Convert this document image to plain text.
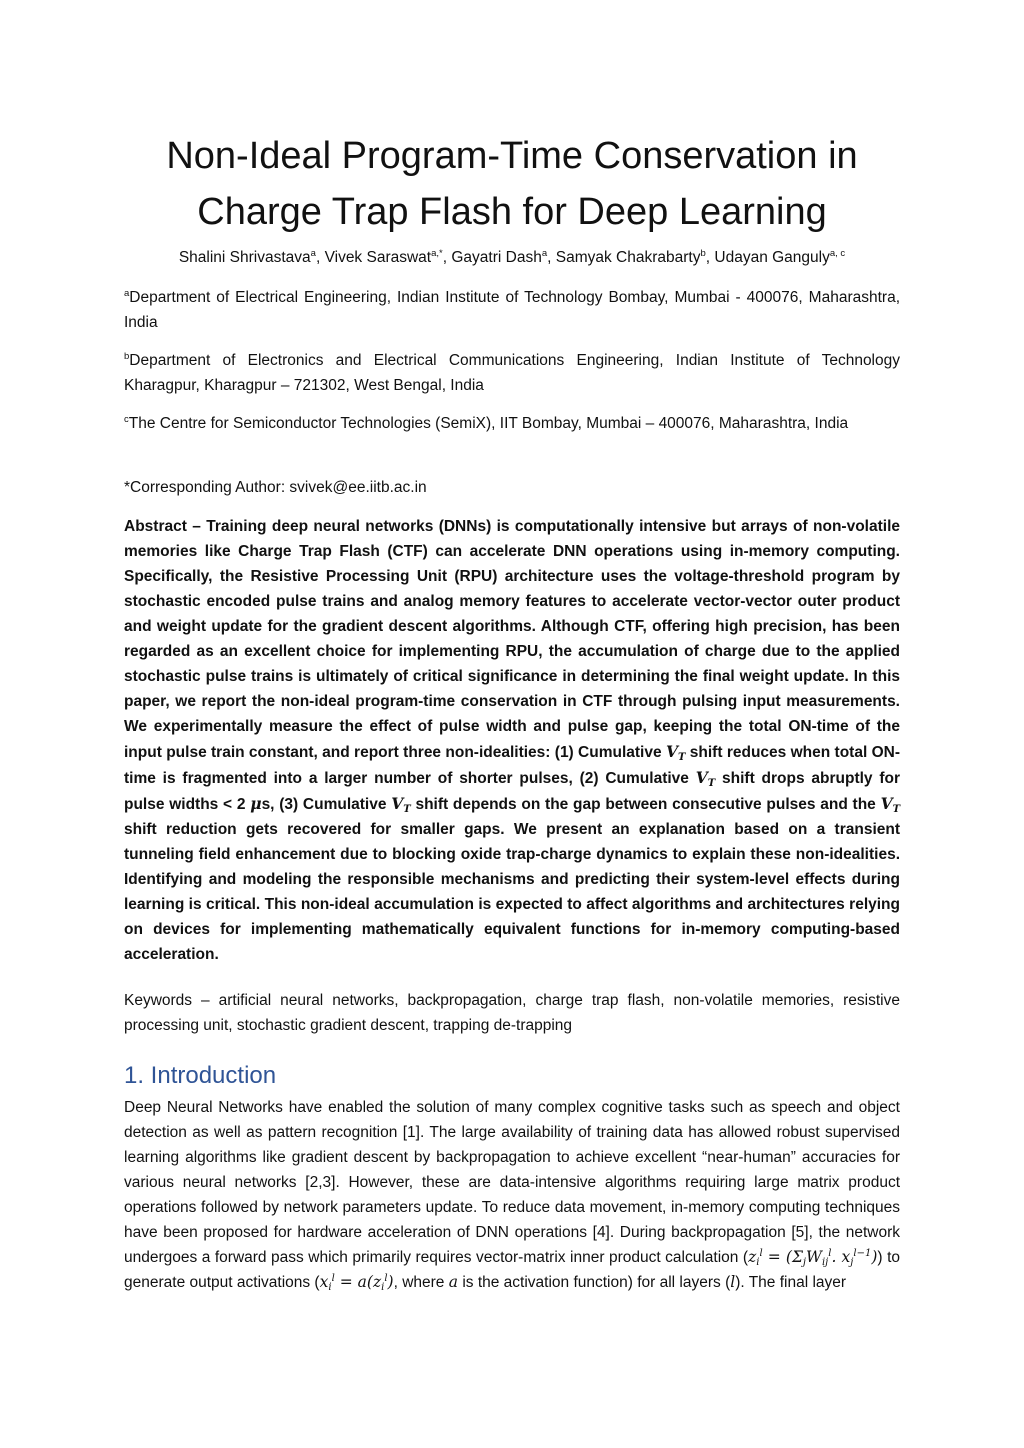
Non-Ideal Program-Time Conservation in
Charge Trap Flash for Deep Learning
Shalini Shrivastava$^a$, Vivek Saraswat$^{a,*}$, Gayatri Dash$^a$, Samyak Chakrabarty$^b$, Udayan Ganguly$^{a, c}$
$^a$Department of Electrical Engineering, Indian Institute of Technology Bombay, Mumbai - 400076, Maharashtra, India
$^b$Department of Electronics and Electrical Communications Engineering, Indian Institute of Technology Kharagpur, Kharagpur – 721302, West Bengal, India
$^c$The Centre for Semiconductor Technologies (SemiX), IIT Bombay, Mumbai – 400076, Maharashtra, India
*Corresponding Author: svivek@ee.iitb.ac.in
Abstract – Training deep neural networks (DNNs) is computationally intensive but arrays of non-volatile memories like Charge Trap Flash (CTF) can accelerate DNN operations using in-memory computing. Specifically, the Resistive Processing Unit (RPU) architecture uses the voltage-threshold program by stochastic encoded pulse trains and analog memory features to accelerate vector-vector outer product and weight update for the gradient descent algorithms. Although CTF, offering high precision, has been regarded as an excellent choice for implementing RPU, the accumulation of charge due to the applied stochastic pulse trains is ultimately of critical significance in determining the final weight update. In this paper, we report the non-ideal program-time conservation in CTF through pulsing input measurements. We experimentally measure the effect of pulse width and pulse gap, keeping the total ON-time of the input pulse train constant, and report three non-idealities: (1) Cumulative $V_T$ shift reduces when total ON-time is fragmented into a larger number of shorter pulses, (2) Cumulative $V_T$ shift drops abruptly for pulse widths < 2 μs, (3) Cumulative $V_T$ shift depends on the gap between consecutive pulses and the $V_T$ shift reduction gets recovered for smaller gaps. We present an explanation based on a transient tunneling field enhancement due to blocking oxide trap-charge dynamics to explain these non-idealities. Identifying and modeling the responsible mechanisms and predicting their system-level effects during learning is critical. This non-ideal accumulation is expected to affect algorithms and architectures relying on devices for implementing mathematically equivalent functions for in-memory computing-based acceleration.
Keywords – artificial neural networks, backpropagation, charge trap flash, non-volatile memories, resistive processing unit, stochastic gradient descent, trapping de-trapping
1. Introduction
Deep Neural Networks have enabled the solution of many complex cognitive tasks such as speech and object detection as well as pattern recognition [1]. The large availability of training data has allowed robust supervised learning algorithms like gradient descent by backpropagation to achieve excellent “near-human” accuracies for various neural networks [2,3]. However, these are data-intensive algorithms requiring large matrix product operations followed by network parameters update. To reduce data movement, in-memory computing techniques have been proposed for hardware acceleration of DNN operations [4]. During backpropagation [5], the network undergoes a forward pass which primarily requires vector-matrix inner product calculation ($z_i^l = (\Sigma_jW_{ij}^l$. $x_j^{l-1}$)) to generate output activations ($x_i^l = a(z_i^l)$, where a is the activation function) for all layers (l). The final layer
